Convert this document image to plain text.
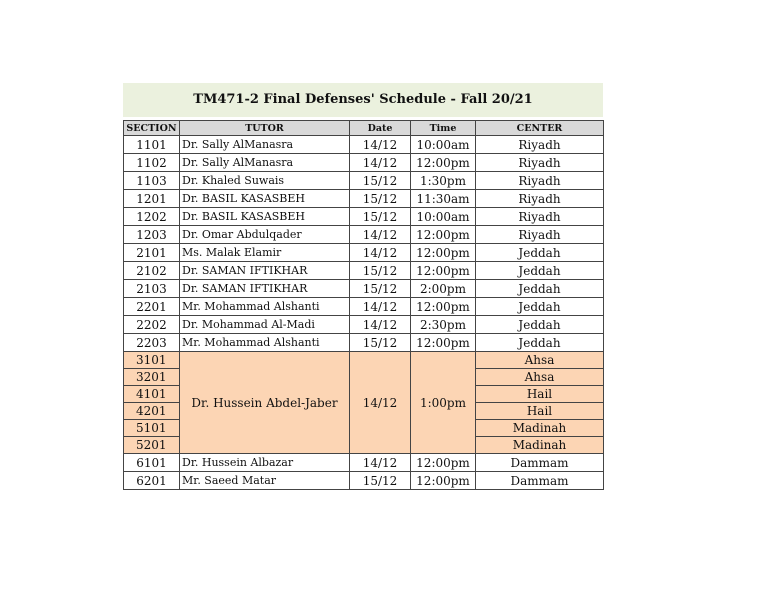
TM471-2 Final Defenses' Schedule - Fall 20/21
SECTION	TUTOR	Date	Time	CENTER
1101	Dr. Sally AlManasra	14/12	10:00am	Riyadh
1102	Dr. Sally AlManasra	14/12	12:00pm	Riyadh
1103	Dr. Khaled Suwais	15/12	1:30pm	Riyadh
1201	Dr. BASIL KASASBEH	15/12	11:30am	Riyadh
1202	Dr. BASIL KASASBEH	15/12	10:00am	Riyadh
1203	Dr. Omar Abdulqader	14/12	12:00pm	Riyadh
2101	Ms. Malak Elamir	14/12	12:00pm	Jeddah
2102	Dr. SAMAN IFTIKHAR	15/12	12:00pm	Jeddah
2103	Dr. SAMAN IFTIKHAR	15/12	2:00pm	Jeddah
2201	Mr. Mohammad Alshanti	14/12	12:00pm	Jeddah
2202	Dr. Mohammad Al-Madi	14/12	2:30pm	Jeddah
2203	Mr. Mohammad Alshanti	15/12	12:00pm	Jeddah
3101	Dr. Hussein Abdel-Jaber	14/12	1:00pm	Ahsa
3201				Ahsa
4101				Hail
4201				Hail
5101				Madinah
5201				Madinah
6101	Dr. Hussein Albazar	14/12	12:00pm	Dammam
6201	Mr. Saeed Matar	15/12	12:00pm	Dammam
